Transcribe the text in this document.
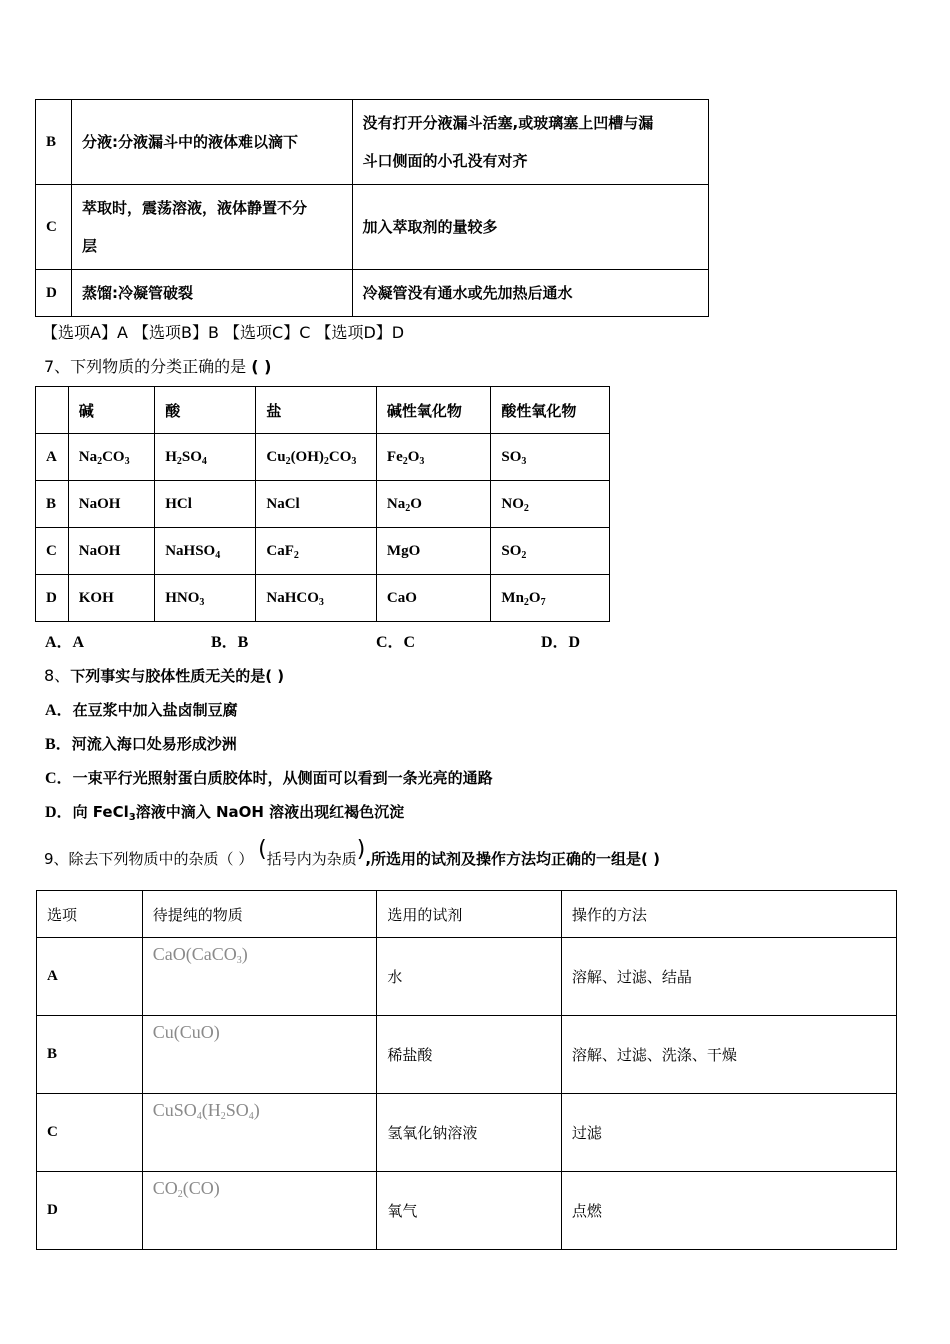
B	分液:分液漏斗中的液体难以滴下	没有打开分液漏斗活塞,或玻璃塞上凹槽与漏
斗口侧面的小孔没有对齐

C	萃取时，震荡溶液，液体静置不分
层	加入萃取剂的量较多
D	蒸馏:冷凝管破裂	冷凝管没有通水或先加热后通水
【选项A】A 【选项B】B 【选项C】C 【选项D】D
7、下列物质的分类正确的是 ( )
	碱	酸	盐	碱性氧化物	酸性氧化物
A	$Na_2CO_3$	$H_2SO_4$	$Cu_2(OH)_2CO_3$	$Fe_2O_3$	$SO_3$
B	NaOH	HCl	NaCl	$Na_2O$	$NO_2$
C	NaOH	NaHSO$_4$	CaF$_2$	MgO	$SO_2$
D	KOH	$HNO_3$	NaHCO$_3$	CaO	$Mn_2O_7$
A．A	B．B	C．C	D．D
8、下列事实与胶体性质无关的是( )
A．在豆浆中加入盐卤制豆腐
B．河流入海口处易形成沙洲
C．一束平行光照射蛋白质胶体时，从侧面可以看到一条光亮的通路
D．向 FeCl$_3$溶液中滴入 NaOH 溶液出现红褐色沉淀
9、除去下列物质中的杂质（ ） (括号内为杂质),所选用的试剂及操作方法均正确的一组是( )
选项	待提纯的物质	选用的试剂	操作的方法
A	CaO(CaCO$_3$)	水	溶解、过滤、结晶
B	Cu(CuO)	稀盐酸	溶解、过滤、洗涤、干燥
C	$CuSO_4(H_2SO_4)$	氢氧化钠溶液	过滤
D	$CO_2(CO)$	氧气	点燃
